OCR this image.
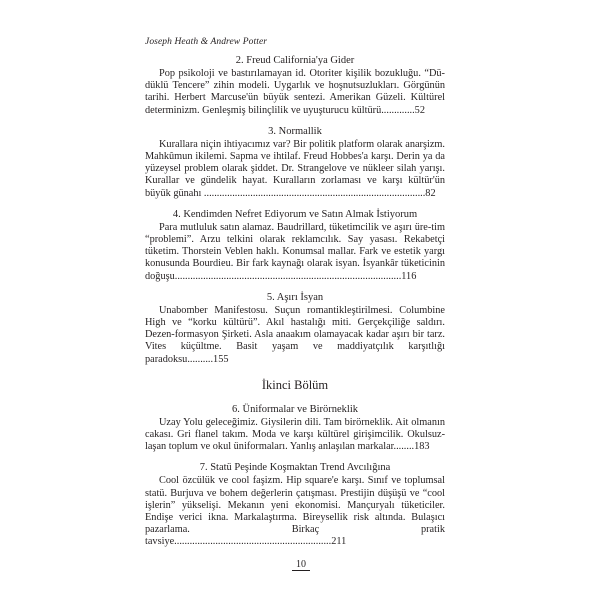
Joseph Heath & Andrew Potter
2. Freud California'ya Gider

Pop psikoloji ve bastırılamayan id. Otoriter kişilik bozukluğu. “Dü-düklü Tencere” zihin modeli. Uygarlık ve hoşnutsuzlukları. Görgünün tarihi. Herbert Marcuse'ün büyük sentezi. Amerikan Güzeli. Kültürel determinizm. Genleşmiş bilinçlilik ve uyuşturucu kültürü.............52

3. Normallik

Kurallara niçin ihtiyacımız var? Bir politik platform olarak anarşizm. Mahkûmun ikilemi. Sapma ve ihtilaf. Freud Hobbes'a karşı. Derin ya da yüzeysel problem olarak şiddet. Dr. Strangelove ve nükleer silah yarışı. Kurallar ve gündelik hayat. Kuralların zorlaması ve karşı kültür'ün büyük günahı ......................................................................................82

4. Kendimden Nefret Ediyorum ve Satın Almak İstiyorum

Para mutluluk satın alamaz. Baudrillard, tüketimcilik ve aşırı üre-tim “problemi”. Arzu telkini olarak reklamcılık. Say yasası. Rekabetçi tüketim. Thorstein Veblen haklı. Konumsal mallar. Fark ve estetik yargı konusunda Bourdieu. Bir fark kaynağı olarak isyan. İsyankâr tüketicinin doğuşu........................................................................................116

5. Aşırı İsyan

Unabomber Manifestosu. Suçun romantikleştirilmesi. Columbine High ve “korku kültürü”. Akıl hastalığı miti. Gerçekçiliğe saldırı. Dezen-formasyon Şirketi. Asla anaakım olamayacak kadar aşırı bir tarz. Vites küçültme. Basit yaşam ve maddiyatçılık karşıtlığı paradoksu..........155

İkinci Bölüm
6. Üniformalar ve Birörneklik

Uzay Yolu geleceğimiz. Giysilerin dili. Tam birörneklik. Ait olmanın cakası. Gri flanel takım. Moda ve karşı kültürel girişimcilik. Okulsuz-laşan toplum ve okul üniformaları. Yanlış anlaşılan markalar........183

7. Statü Peşinde Koşmaktan Trend Avcılığına

Cool özcülük ve cool faşizm. Hip square'e karşı. Sınıf ve toplumsal statü. Burjuva ve bohem değerlerin çatışması. Prestijin düşüşü ve “cool işlerin” yükselişi. Mekanın yeni ekonomisi. Mançuryalı tüketiciler. Endişe verici ikna. Markalaştırma. Bireysellik risk altında. Bulaşıcı pazarlama. Birkaç pratik tavsiye.............................................................211

10
